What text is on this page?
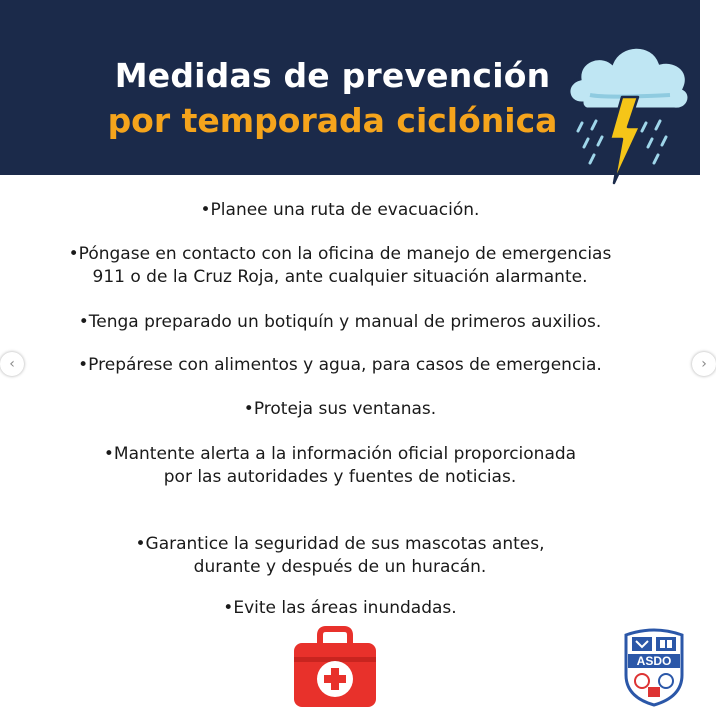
Medidas de prevención
por temporada ciclónica
•Planee una ruta de evacuación.
•Póngase en contacto con la oficina de manejo de emergencias
911 o de la Cruz Roja, ante cualquier situación alarmante.
•Tenga preparado un botiquín y manual de primeros auxilios.
•Prepárese con alimentos y agua, para casos de emergencia.
•Proteja sus ventanas.
•Mantente alerta a la información oficial proporcionada
por las autoridades y fuentes de noticias.
•Garantice la seguridad de sus mascotas antes,
durante y después de un huracán.
•Evite las áreas inundadas.
‹	›
ASDO
